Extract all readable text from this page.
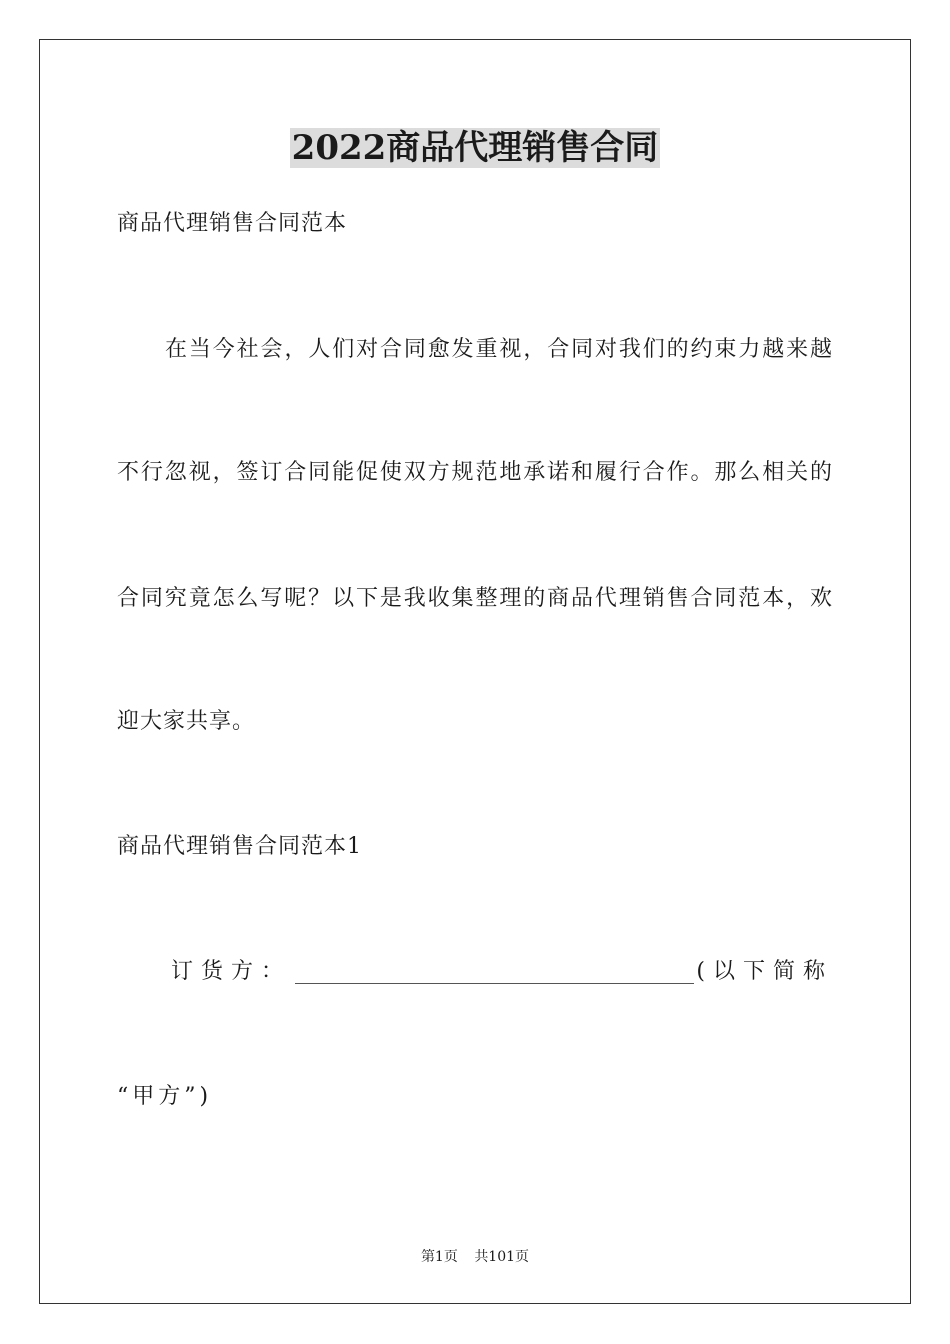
2022商品代理销售合同
商品代理销售合同范本
在当今社会，人们对合同愈发重视，合同对我们的约束力越来越
不行忽视，签订合同能促使双方规范地承诺和履行合作。那么相关的
合同究竟怎么写呢？以下是我收集整理的商品代理销售合同范本，欢
迎大家共享。
商品代理销售合同范本1
订货方：	(以下简称
“甲方”)
第1页 共101页
